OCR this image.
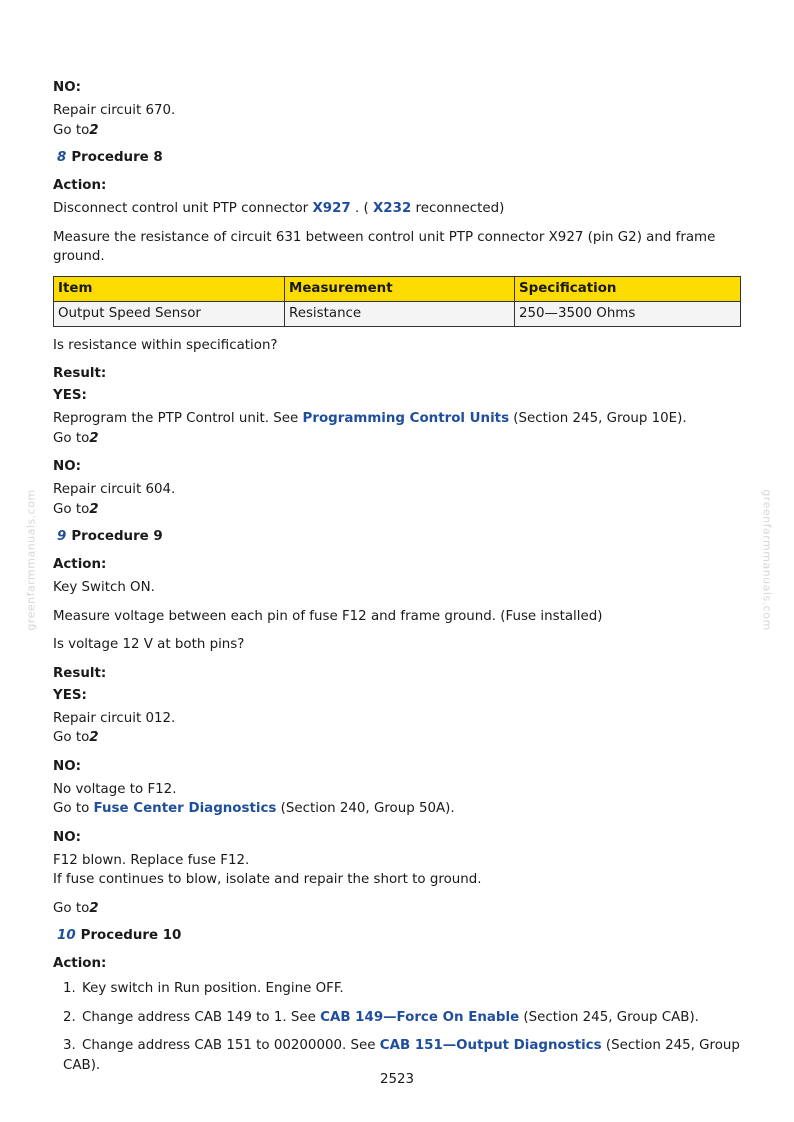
greenfarmmanuals.com	greenfarmmanuals.com

NO:

Repair circuit 670.

Go to2

8 Procedure 8

Action:

Disconnect control unit PTP connector X927 . ( X232 reconnected)

Measure the resistance of circuit 631 between control unit PTP connector X927 (pin G2) and frame ground.

Item	Measurement	Specification
Output Speed Sensor	Resistance	250—3500 Ohms

Is resistance within specification?

Result:

YES:

Reprogram the PTP Control unit. See Programming Control Units (Section 245, Group 10E).

Go to2

NO:

Repair circuit 604.

Go to2

9 Procedure 9

Action:

Key Switch ON.

Measure voltage between each pin of fuse F12 and frame ground. (Fuse installed)

Is voltage 12 V at both pins?

Result:

YES:

Repair circuit 012.

Go to2

NO:

No voltage to F12.

Go to Fuse Center Diagnostics (Section 240, Group 50A).

NO:

F12 blown. Replace fuse F12.

If fuse continues to blow, isolate and repair the short to ground.

Go to2

10 Procedure 10

Action:

1. Key switch in Run position. Engine OFF.
2. Change address CAB 149 to 1. See CAB 149—Force On Enable (Section 245, Group CAB).
3. Change address CAB 151 to 00200000. See CAB 151—Output Diagnostics (Section 245, Group CAB).
2523
